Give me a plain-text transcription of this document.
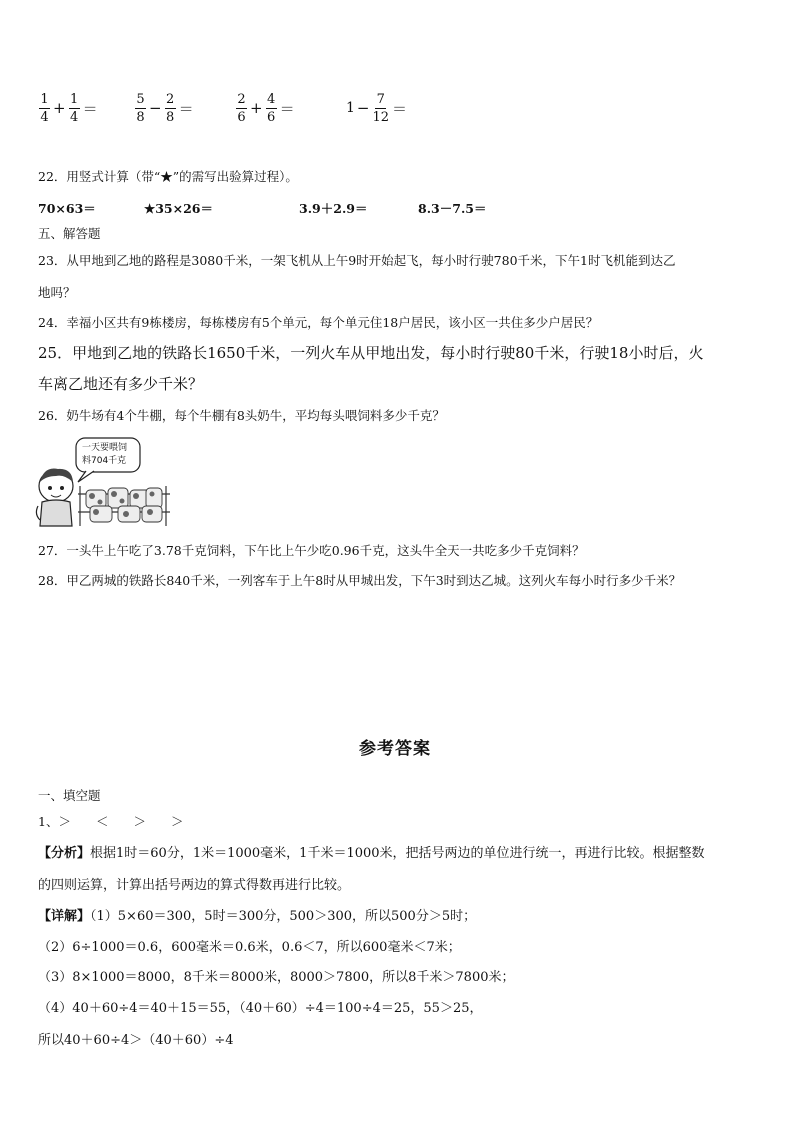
$\frac{1}{4} + \frac{1}{4}$ ＝	$\frac{5}{8} - \frac{2}{8}$ ＝	$\frac{2}{6} + \frac{4}{6}$ ＝	$1 - \frac{7}{12}$ ＝
22．用竖式计算（带“★”的需写出验算过程）。
70×63＝	★35×26＝	3.9＋2.9＝	8.3－7.5＝
五、解答题
23．从甲地到乙地的路程是3080千米，一架飞机从上午9时开始起飞，每小时行驶780千米，下午1时飞机能到达乙
地吗？
24．幸福小区共有9栋楼房，每栋楼房有5个单元，每个单元住18户居民，该小区一共住多少户居民？
25．甲地到乙地的铁路长1650千米，一列火车从甲地出发，每小时行驶80千米，行驶18小时后，火
车离乙地还有多少千米？
26．奶牛场有4个牛棚，每个牛棚有8头奶牛，平均每头喂饲料多少千克？
一天要喂饲
料704千克
27．一头牛上午吃了3.78千克饲料，下午比上午少吃0.96千克，这头牛全天一共吃多少千克饲料？
28．甲乙两城的铁路长840千米，一列客车于上午8时从甲城出发，下午3时到达乙城。这列火车每小时行多少千米？
参考答案
一、填空题
1、＞　　＜　　＞　　＞
【分析】根据1时＝60分，1米＝1000毫米，1千米＝1000米，把括号两边的单位进行统一，再进行比较。根据整数
的四则运算，计算出括号两边的算式得数再进行比较。
【详解】（1）5×60＝300，5时＝300分，500＞300，所以500分＞5时；
（2）6÷1000＝0.6，600毫米＝0.6米，0.6＜7，所以600毫米＜7米；
（3）8×1000＝8000，8千米＝8000米，8000＞7800，所以8千米＞7800米；
（4）40＋60÷4＝40＋15＝55，（40＋60）÷4＝100÷4＝25，55＞25，
所以40＋60÷4＞（40＋60）÷4
